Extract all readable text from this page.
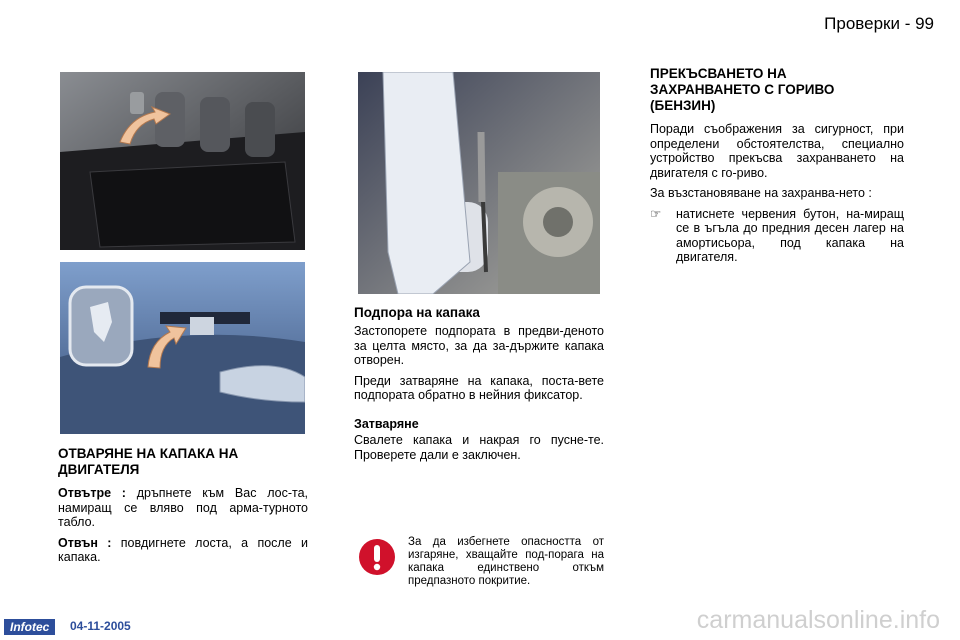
Проверки - 99
ОТВАРЯНЕ НА КАПАКА НА
ДВИГАТЕЛЯ

Отвътре : дръпнете към Вас лос-та, намиращ се вляво под арма-турното табло.

Отвън : повдигнете лоста, а после и капака.

Подпора на капака

Застопорете подпората в предви-деното за целта място, за да за-държите капака отворен.

Преди затваряне на капака, поста-вете подпората обратно в нейния фиксатор.

Затваряне

Свалете капака и накрая го пусне-те. Проверете дали е заключен.

За да избегнете опасността от изгаряне, хващайте под-порага на капака единствено откъм предпазното покритие.
ПРЕКЪСВАНЕТО НА
ЗАХРАНВАНЕТО С ГОРИВО
(БЕНЗИН)

Поради съображения за сигурност, при определени обстоятелства, специално устройство прекъсва захранването на двигателя с го-риво.

За възстановяване на захранва-нето :

☞	натиснете червения бутон, на-миращ се в ъгъла до предния десен лагер на амортисьора, под капака на двигателя.
Infotec	04-11-2005	carmanualsonline.info
